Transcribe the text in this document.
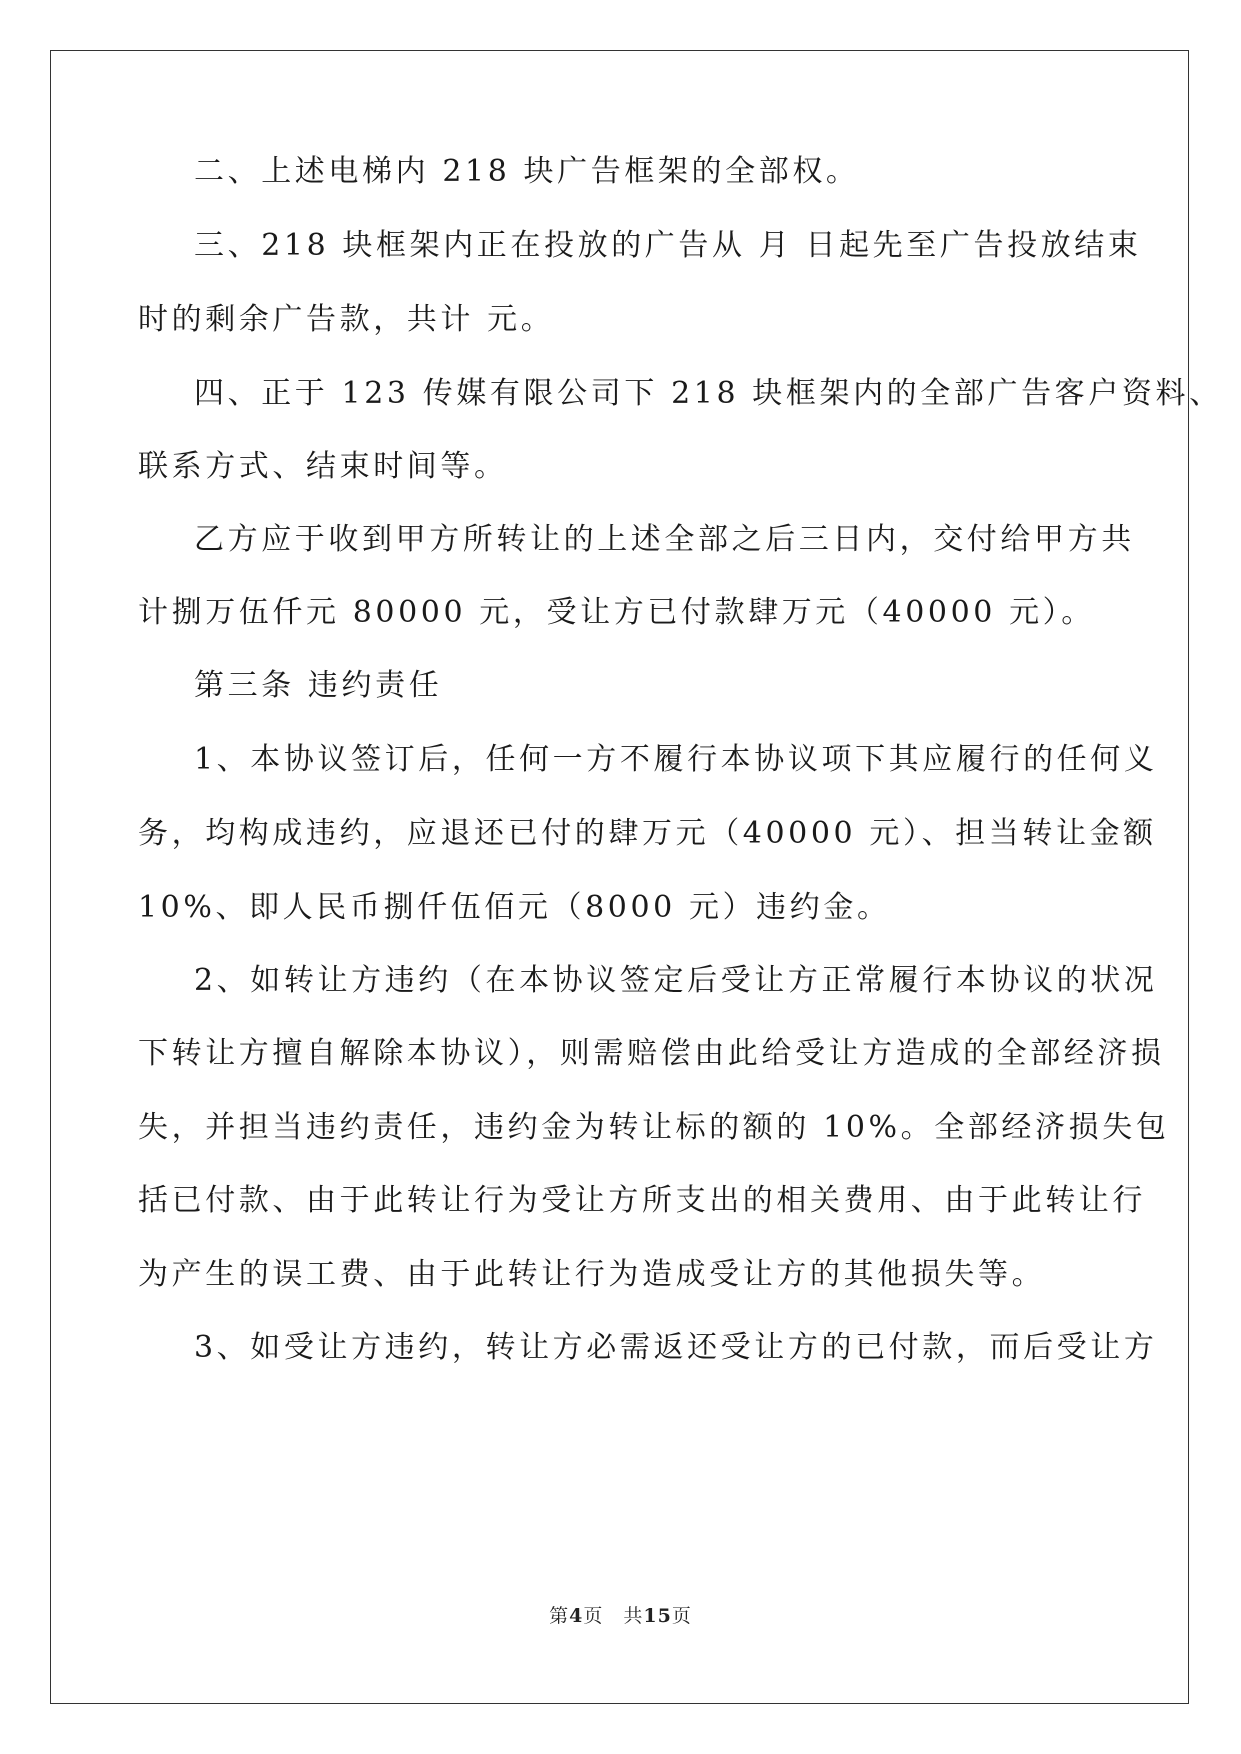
二、上述电梯内 218 块广告框架的全部权。
三、218 块框架内正在投放的广告从 月 日起先至广告投放结束
时的剩余广告款，共计 元。
四、正于 123 传媒有限公司下 218 块框架内的全部广告客户资料、
联系方式、结束时间等。
乙方应于收到甲方所转让的上述全部之后三日内，交付给甲方共
计捌万伍仟元 80000 元，受让方已付款肆万元（40000 元）。
第三条 违约责任
1、本协议签订后，任何一方不履行本协议项下其应履行的任何义
务，均构成违约，应退还已付的肆万元（40000 元）、担当转让金额
10%、即人民币捌仟伍佰元（8000 元）违约金。
2、如转让方违约（在本协议签定后受让方正常履行本协议的状况
下转让方擅自解除本协议），则需赔偿由此给受让方造成的全部经济损
失，并担当违约责任，违约金为转让标的额的 10%。全部经济损失包
括已付款、由于此转让行为受让方所支出的相关费用、由于此转让行
为产生的误工费、由于此转让行为造成受让方的其他损失等。
3、如受让方违约，转让方必需返还受让方的已付款，而后受让方
第4页　共15页
